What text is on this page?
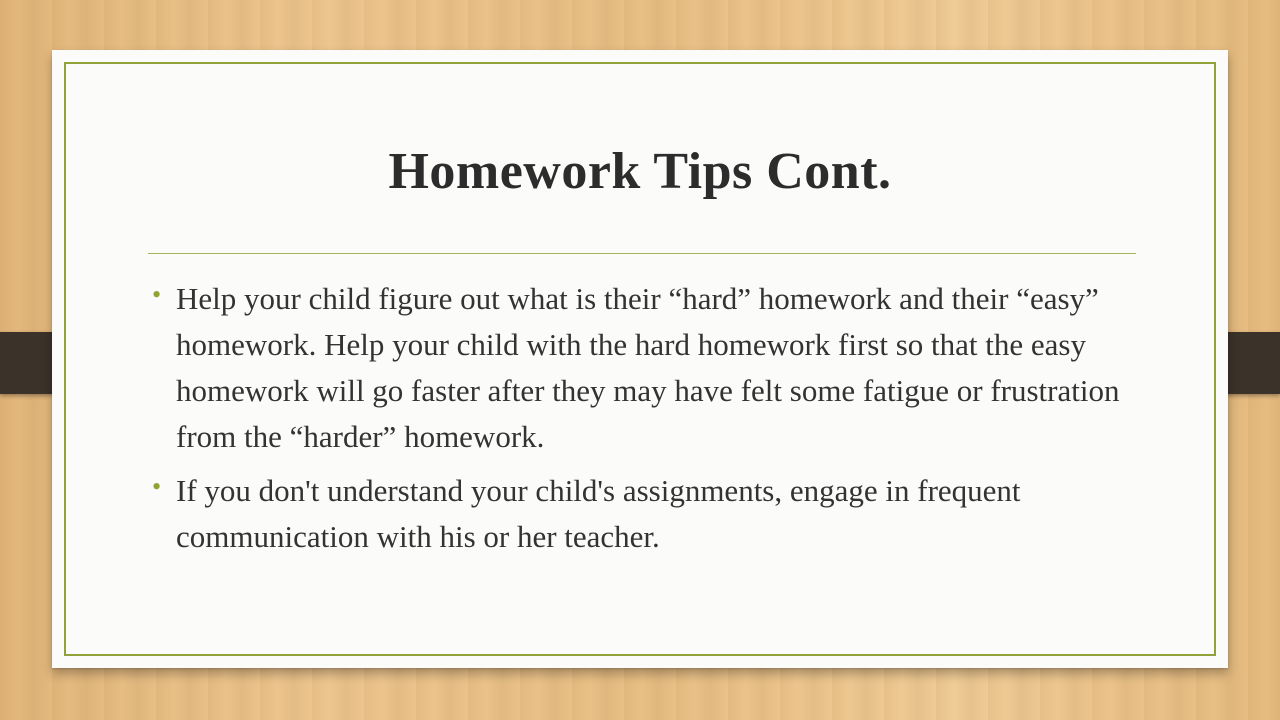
Homework Tips Cont.
• Help your child figure out what is their “hard” homework and their “easy” homework. Help your child with the hard homework first so that the easy homework will go faster after they may have felt some fatigue or frustration from the “harder” homework.
• If you don't understand your child's assignments, engage in frequent communication with his or her teacher.
